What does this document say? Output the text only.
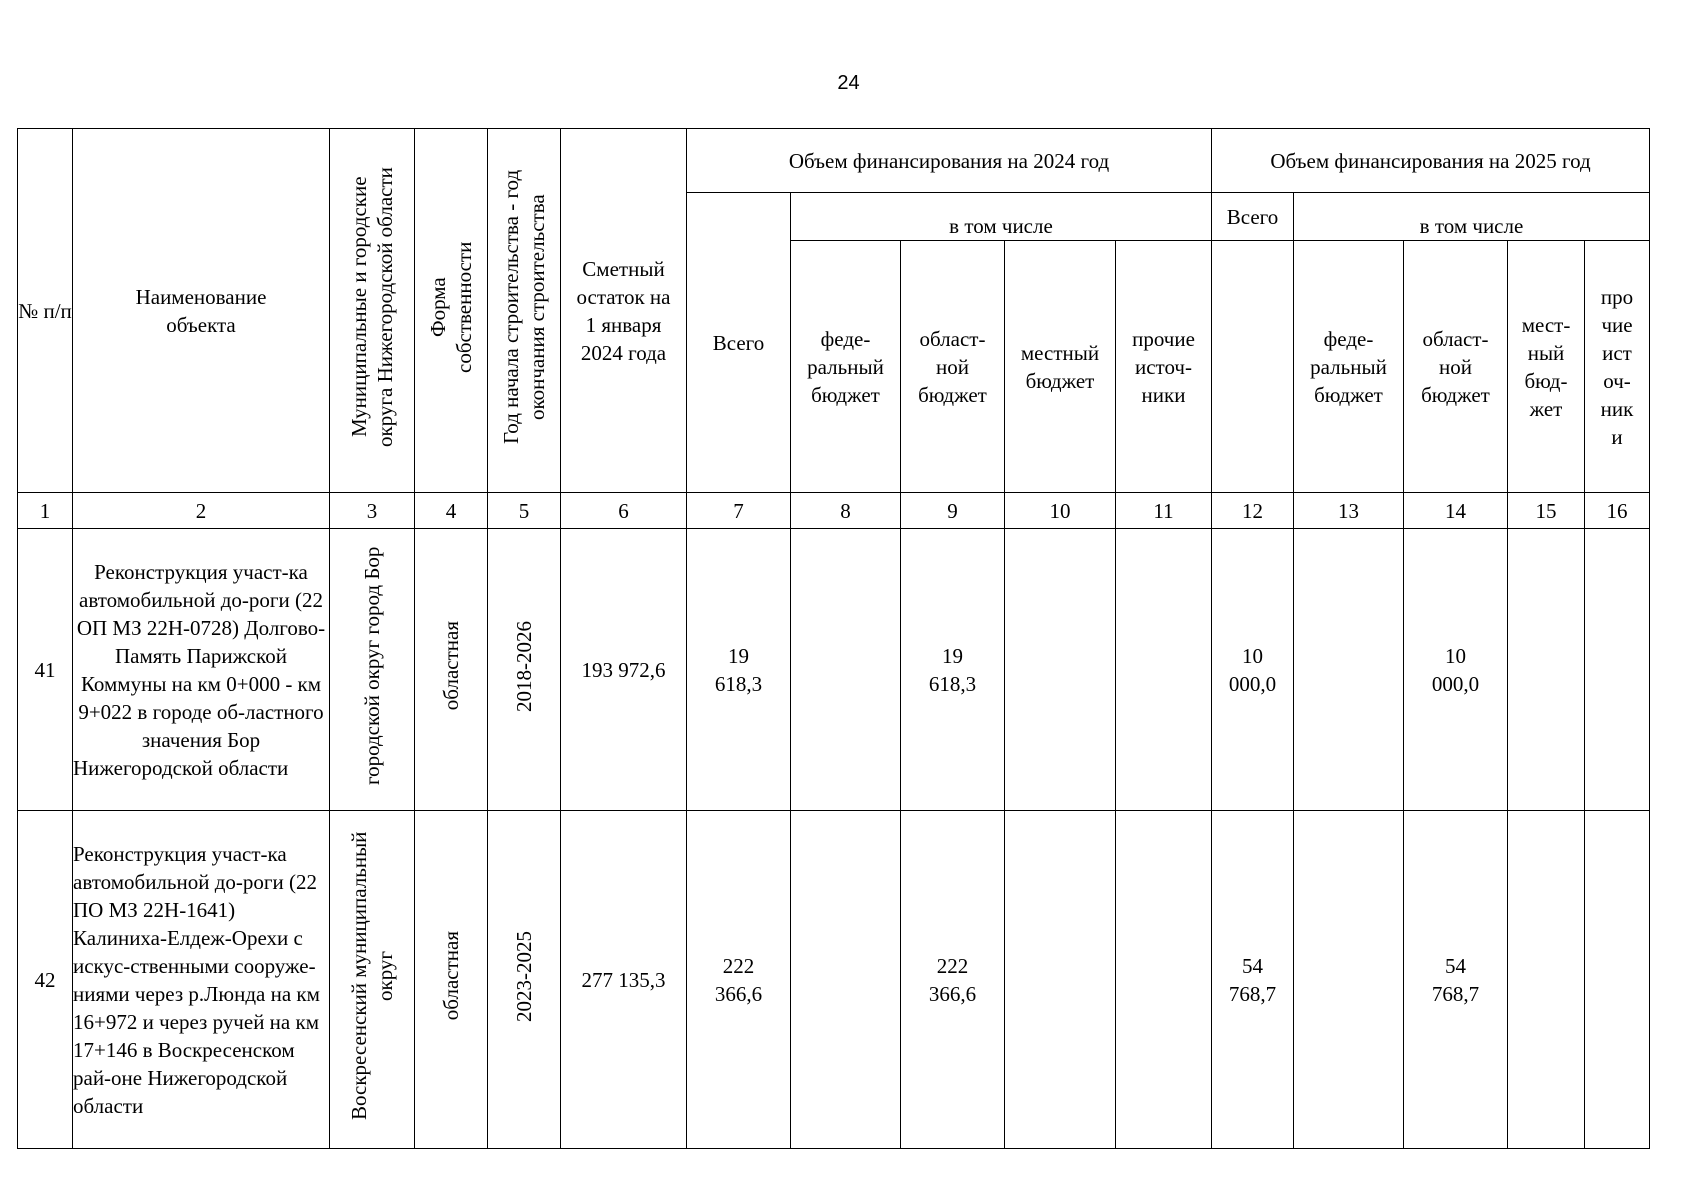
24
№ п/п	Наименование объекта	Муниципальные и городские округа Нижегородской области	Форма собственности	Год начала строительства - год окончания строительства	Сметный остаток на 1 января 2024 года	Объем финансирования на 2024 год					Объем финансирования на 2025 год				
						Всего	в том числе				Всего	в том числе			

							феде-ральный бюджет	област-ной бюджет	местный бюджет	прочие источ-ники		феде-ральный бюджет	област-ной бюджет	мест-ный бюд-жет	про чие ист оч-ник и
1	2	3	4	5	6	7	8	9	10	11	12	13	14	15	16
41	Реконструкция участ-ка автомобильной до-роги (22 ОП МЗ 22Н-0728) Долгово-Память Парижской Коммуны на км 0+000 - км 9+022 в городе об-ластного значения Бор Нижегородской области	городской округ город Бор	областная	2018-2026	193 972,6	19 618,3		19 618,3			10 000,0		10 000,0		
42	Реконструкция участ-ка автомобильной до-роги (22 ПО МЗ 22Н-1641) Калиниха-Елдеж-Орехи с искус-ственными сооруже-ниями через р.Люнда на км 16+972 и через ручей на км 17+146 в Воскресенском рай-оне Нижегородской области	Воскресенский муниципальный округ	областная	2023-2025	277 135,3	222 366,6		222 366,6			54 768,7		54 768,7		
